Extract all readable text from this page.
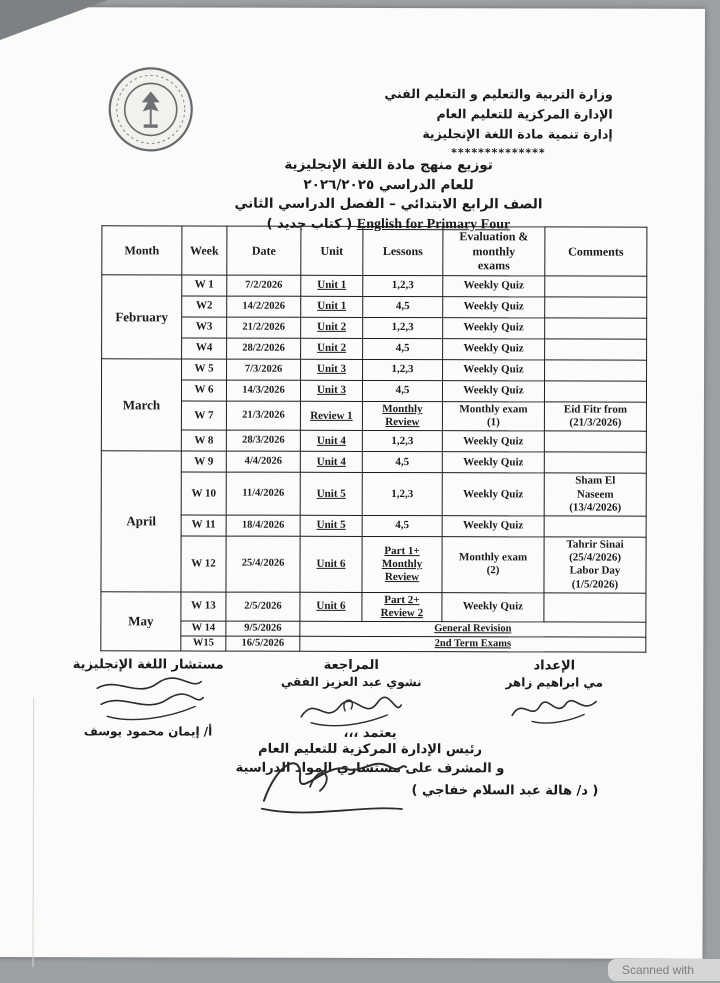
وزارة التربية والتعليم و التعليم الفني
الإدارة المركزية للتعليم العام
إدارة تنمية مادة اللغة الإنجليزية
**************
توزيع منهج مادة اللغة الإنجليزية
للعام الدراسي ٢٠٢٦/٢٠٢٥
الصف الرابع الابتدائي – الفصل الدراسي الثاني
English for Primary Four ( كتاب جديد )
Month	Week	Date	Unit	Lessons	Evaluation &
monthly
exams	Comments
February	W 1	7/2/2026	Unit 1	1,2,3	Weekly Quiz	
	W2	14/2/2026	Unit 1	4,5	Weekly Quiz	
	W3	21/2/2026	Unit 2	1,2,3	Weekly Quiz	
	W4	28/2/2026	Unit 2	4,5	Weekly Quiz	
March	W 5	7/3/2026	Unit 3	1,2,3	Weekly Quiz	
	W 6	14/3/2026	Unit 3	4,5	Weekly Quiz	
	W 7	21/3/2026	Review 1	Monthly
Review	Monthly exam
(1)	Eid Fitr from
(21/3/2026)
	W 8	28/3/2026	Unit 4	1,2,3	Weekly Quiz	
April	W 9	4/4/2026	Unit 4	4,5	Weekly Quiz	
	W 10	11/4/2026	Unit 5	1,2,3	Weekly Quiz	Sham El
Naseem
(13/4/2026)
	W 11	18/4/2026	Unit 5	4,5	Weekly Quiz	
	W 12	25/4/2026	Unit 6	Part 1+
Monthly
Review	Monthly exam
(2)	Tahrir Sinai
(25/4/2026)
Labor Day
(1/5/2026)
May	W 13	2/5/2026	Unit 6	Part 2+
Review 2	Weekly Quiz	
	W 14	9/5/2026	General Revision			
	W15	16/5/2026	2nd Term Exams			
الإعداد
مي ابراهيم زاهر
المراجعة
نشوي عبد العزيز الفقي
مستشار اللغة الإنجليزية
أ/ إيمان محمود يوسف	يعتمد ،،،
رئيس الإدارة المركزية للتعليم العام
و المشرف على مستشاري المواد الدراسية
( د/ هالة عبد السلام خفاجي )
Scanned with
